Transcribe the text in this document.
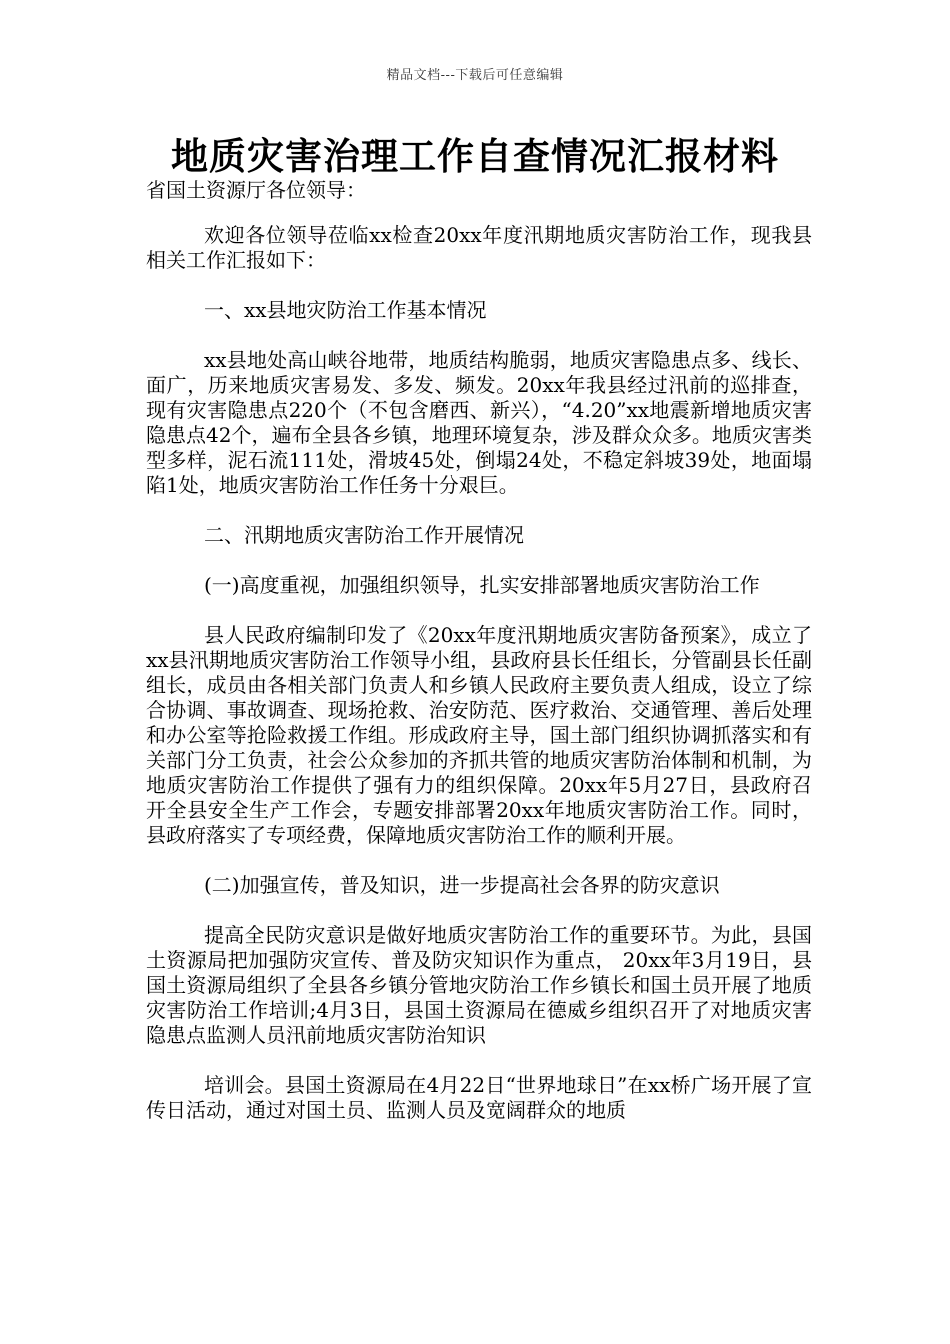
精品文档---下载后可任意编辑
地质灾害治理工作自查情况汇报材料

省国土资源厅各位领导：

欢迎各位领导莅临xx检查20xx年度汛期地质灾害防治工作，现我县相关工作汇报如下：

一、xx县地灾防治工作基本情况

xx县地处高山峡谷地带，地质结构脆弱，地质灾害隐患点多、线长、面广，历来地质灾害易发、多发、频发。20xx年我县经过汛前的巡排查，现有灾害隐患点220个（不包含磨西、新兴），“4.20”xx地震新增地质灾害隐患点42个，遍布全县各乡镇，地理环境复杂，涉及群众众多。地质灾害类型多样，泥石流111处，滑坡45处，倒塌24处，不稳定斜坡39处，地面塌陷1处，地质灾害防治工作任务十分艰巨。

二、汛期地质灾害防治工作开展情况

(一)高度重视，加强组织领导，扎实安排部署地质灾害防治工作

县人民政府编制印发了《20xx年度汛期地质灾害防备预案》，成立了xx县汛期地质灾害防治工作领导小组，县政府县长任组长，分管副县长任副组长，成员由各相关部门负责人和乡镇人民政府主要负责人组成，设立了综合协调、事故调查、现场抢救、治安防范、医疗救治、交通管理、善后处理和办公室等抢险救援工作组。形成政府主导，国土部门组织协调抓落实和有关部门分工负责，社会公众参加的齐抓共管的地质灾害防治体制和机制，为地质灾害防治工作提供了强有力的组织保障。20xx年5月27日，县政府召开全县安全生产工作会，专题安排部署20xx年地质灾害防治工作。同时，县政府落实了专项经费，保障地质灾害防治工作的顺利开展。

(二)加强宣传，普及知识，进一步提高社会各界的防灾意识

提高全民防灾意识是做好地质灾害防治工作的重要环节。为此，县国土资源局把加强防灾宣传、普及防灾知识作为重点， 20xx年3月19日，县国土资源局组织了全县各乡镇分管地灾防治工作乡镇长和国土员开展了地质灾害防治工作培训;4月3日，县国土资源局在德威乡组织召开了对地质灾害隐患点监测人员汛前地质灾害防治知识

培训会。县国土资源局在4月22日“世界地球日”在xx桥广场开展了宣传日活动，通过对国土员、监测人员及宽阔群众的地质
